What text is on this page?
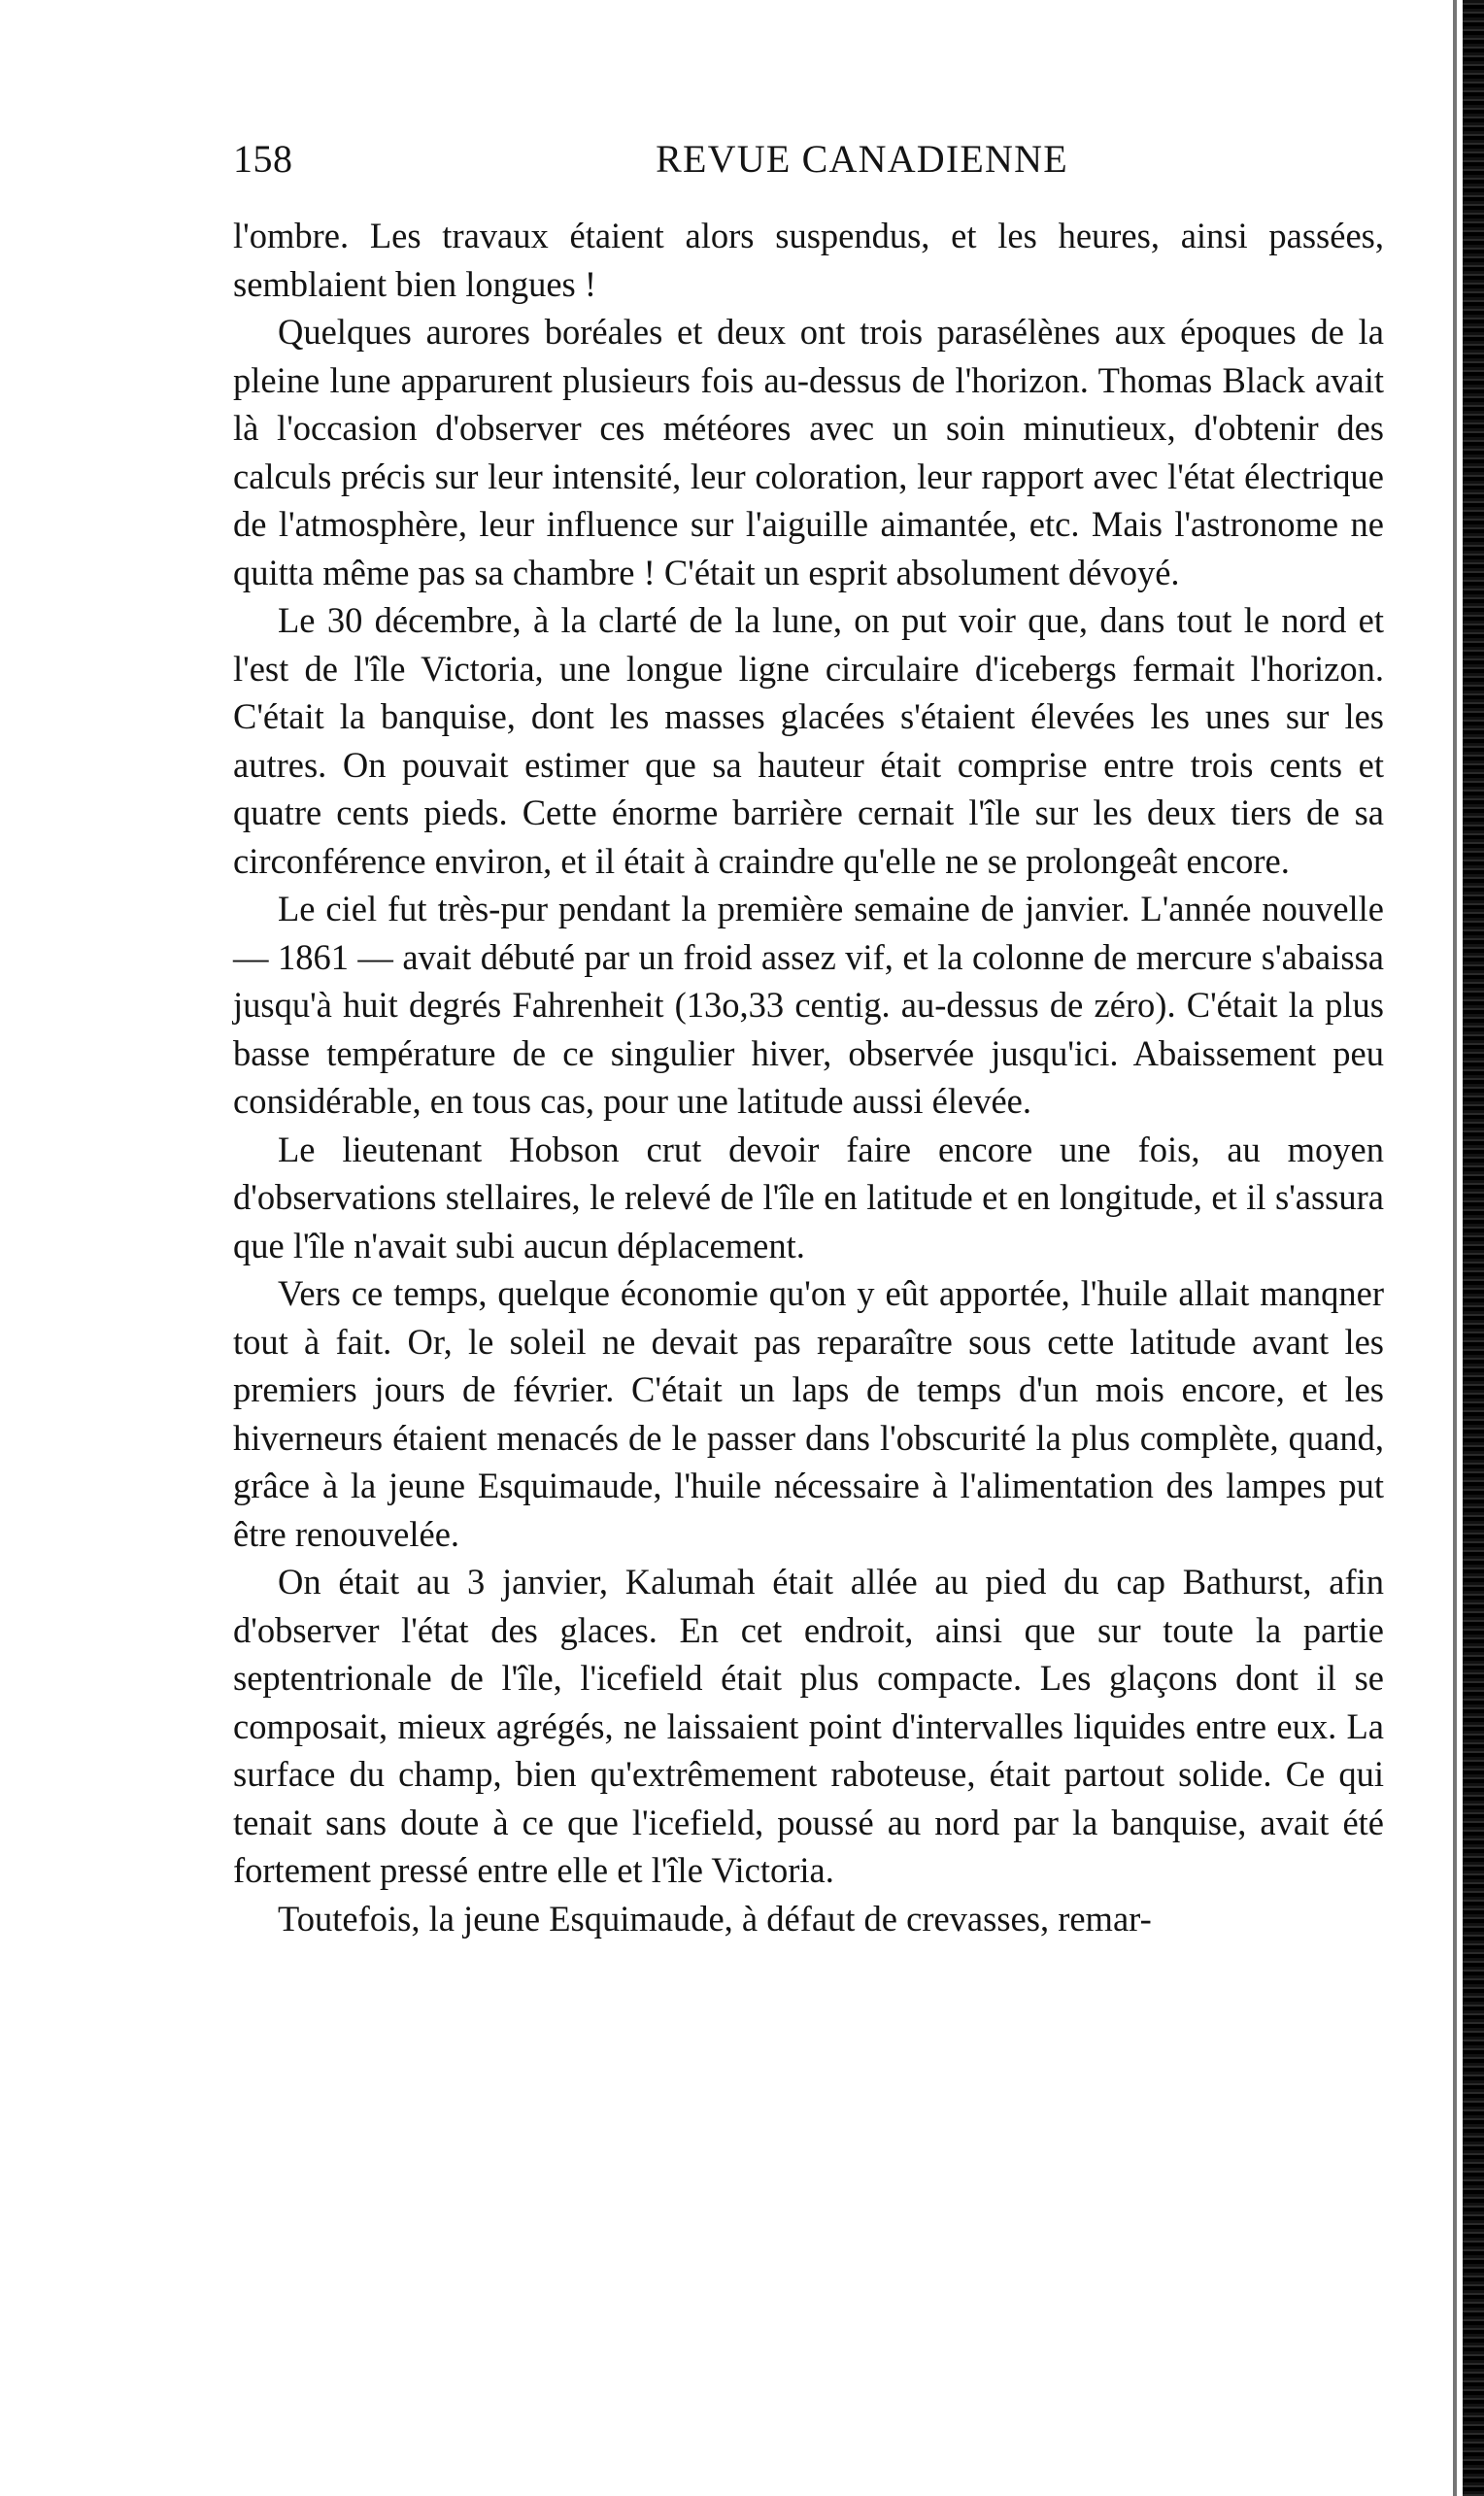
158	REVUE CANADIENNE

l'ombre. Les travaux étaient alors suspendus, et les heures, ainsi passées, semblaient bien longues !

Quelques aurores boréales et deux ont trois parasélènes aux époques de la pleine lune apparurent plusieurs fois au-dessus de l'horizon. Thomas Black avait là l'occasion d'observer ces météores avec un soin minutieux, d'obtenir des calculs précis sur leur intensité, leur coloration, leur rapport avec l'état électrique de l'atmosphère, leur influence sur l'aiguille aimantée, etc. Mais l'astronome ne quitta même pas sa chambre ! C'était un esprit absolument dévoyé.

Le 30 décembre, à la clarté de la lune, on put voir que, dans tout le nord et l'est de l'île Victoria, une longue ligne circulaire d'icebergs fermait l'horizon. C'était la banquise, dont les masses glacées s'étaient élevées les unes sur les autres. On pouvait estimer que sa hauteur était comprise entre trois cents et quatre cents pieds. Cette énorme barrière cernait l'île sur les deux tiers de sa circonférence environ, et il était à craindre qu'elle ne se prolongeât encore.

Le ciel fut très-pur pendant la première semaine de janvier. L'année nouvelle — 1861 — avait débuté par un froid assez vif, et la colonne de mercure s'abaissa jusqu'à huit degrés Fahrenheit (13o,33 centig. au-dessus de zéro). C'était la plus basse température de ce singulier hiver, observée jusqu'ici. Abaissement peu considérable, en tous cas, pour une latitude aussi élevée.

Le lieutenant Hobson crut devoir faire encore une fois, au moyen d'observations stellaires, le relevé de l'île en latitude et en longitude, et il s'assura que l'île n'avait subi aucun déplacement.

Vers ce temps, quelque économie qu'on y eût apportée, l'huile allait manqner tout à fait. Or, le soleil ne devait pas reparaître sous cette latitude avant les premiers jours de février. C'était un laps de temps d'un mois encore, et les hiverneurs étaient menacés de le passer dans l'obscurité la plus complète, quand, grâce à la jeune Esquimaude, l'huile nécessaire à l'alimentation des lampes put être renouvelée.

On était au 3 janvier, Kalumah était allée au pied du cap Bathurst, afin d'observer l'état des glaces. En cet endroit, ainsi que sur toute la partie septentrionale de l'île, l'icefield était plus compacte. Les glaçons dont il se composait, mieux agrégés, ne laissaient point d'intervalles liquides entre eux. La surface du champ, bien qu'extrêmement raboteuse, était partout solide. Ce qui tenait sans doute à ce que l'icefield, poussé au nord par la banquise, avait été fortement pressé entre elle et l'île Victoria.

Toutefois, la jeune Esquimaude, à défaut de crevasses, remar-
